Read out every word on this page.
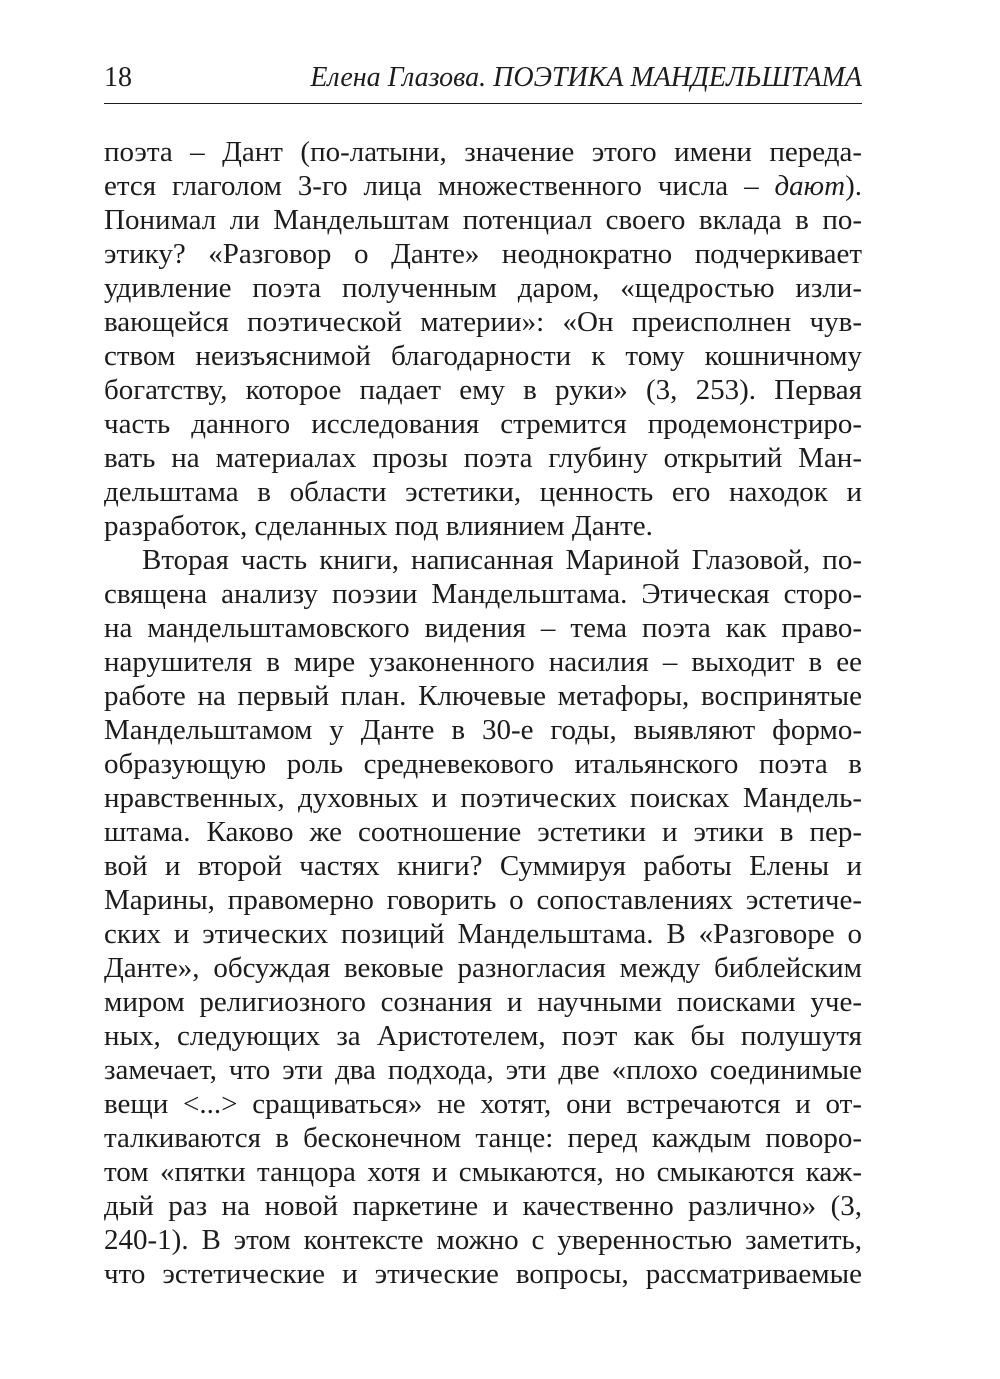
18	Елена Глазова. ПОЭТИКА МАНДЕЛЬШТАМА
поэта – Дант (по-латыни, значение этого имени переда-
ется глаголом 3-го лица множественного числа – дают).
Понимал ли Мандельштам потенциал своего вклада в по-
этику? «Разговор о Данте» неоднократно подчеркивает
удивление поэта полученным даром, «щедростью изли-
вающейся поэтической материи»: «Он преисполнен чув-
ством неизъяснимой благодарности к тому кошничному
богатству, которое падает ему в руки» (3, 253). Первая
часть данного исследования стремится продемонстриро-
вать на материалах прозы поэта глубину открытий Ман-
дельштама в области эстетики, ценность его находок и
разработок, сделанных под влиянием Данте.
Вторая часть книги, написанная Мариной Глазовой, по-
священа анализу поэзии Мандельштама. Этическая сторо-
на мандельштамовского видения – тема поэта как право-
нарушителя в мире узаконенного насилия – выходит в ее
работе на первый план. Ключевые метафоры, воспринятые
Мандельштамом у Данте в 30-е годы, выявляют формо-
образующую роль средневекового итальянского поэта в
нравственных, духовных и поэтических поисках Мандель-
штама. Каково же соотношение эстетики и этики в пер-
вой и второй частях книги? Суммируя работы Елены и
Марины, правомерно говорить о сопоставлениях эстетиче-
ских и этических позиций Мандельштама. В «Разговоре о
Данте», обсуждая вековые разногласия между библейским
миром религиозного сознания и научными поисками уче-
ных, следующих за Аристотелем, поэт как бы полушутя
замечает, что эти два подхода, эти две «плохо соединимые
вещи <...> сращиваться» не хотят, они встречаются и от-
талкиваются в бесконечном танце: перед каждым поворо-
том «пятки танцора хотя и смыкаются, но смыкаются каж-
дый раз на новой паркетине и качественно различно» (3,
240-1). В этом контексте можно с уверенностью заметить,
что эстетические и этические вопросы, рассматриваемые
